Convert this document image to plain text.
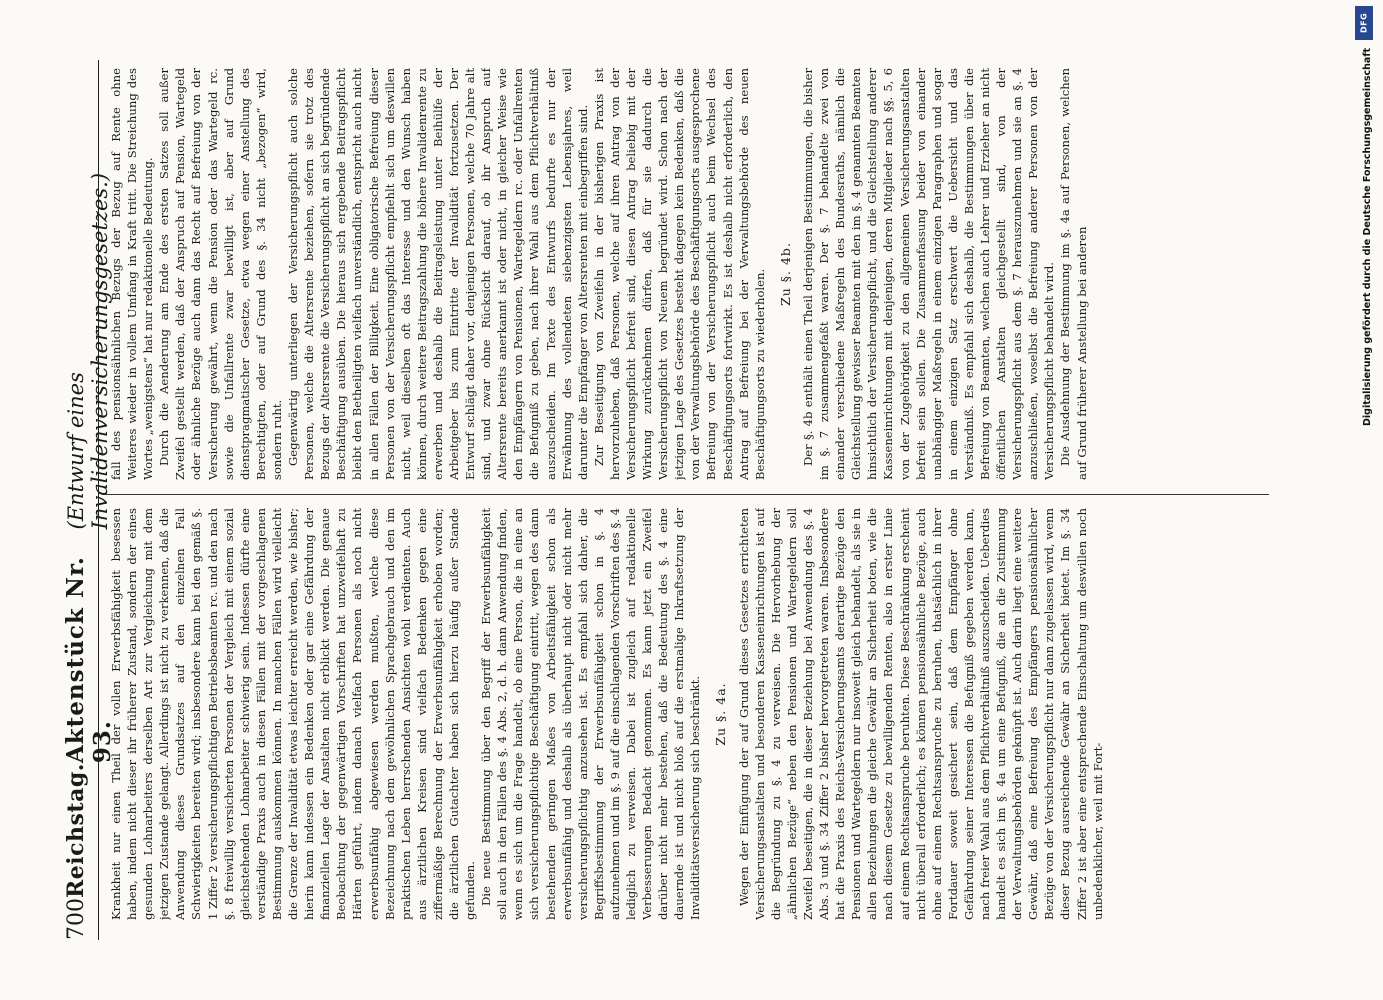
700
Reichstag.
Aktenstück Nr. 93.
(Entwurf eines Invalidenversicherungsgesetzes.)

Krankheit nur einen Theil der vollen Erwerbsfähigkeit besessen haben, indem nicht dieser ihr früherer Zustand, sondern der eines gesunden Lohnarbeiters derselben Art zur Vergleichung mit dem jetzigen Zustande gelangt. Allerdings ist nicht zu verkennen, daß die Anwendung dieses Grundsatzes auf den einzelnen Fall Schwierigkeiten bereiten wird; insbesondere kann bei den gemäß §. 1 Ziffer 2 versicherungspflichtigen Betriebsbeamten rc. und den nach §. 8 freiwillig versicherten Personen der Vergleich mit einem sozial gleichstehenden Lohnarbeiter schwierig sein. Indessen dürfte eine verständige Praxis auch in diesen Fällen mit der vorgeschlagenen Bestimmung auskommen können. In manchen Fällen wird vielleicht die Grenze der Invalidität etwas leichter erreicht werden, wie bisher; hierin kann indessen ein Bedenken oder gar eine Gefährdung der finanziellen Lage der Anstalten nicht erblickt werden. Die genaue Beobachtung der gegenwärtigen Vorschriften hat unzweifelhaft zu Härten geführt, indem danach vielfach Personen als noch nicht erwerbsunfähig abgewiesen werden mußten, welche diese Bezeichnung nach dem gewöhnlichen Sprachgebrauch und den im praktischen Leben herrschenden Ansichten wohl verdienten. Auch aus ärztlichen Kreisen sind vielfach Bedenken gegen eine ziffermäßige Berechnung der Erwerbsunfähigkeit erhoben worden; die ärztlichen Gutachter haben sich hierzu häufig außer Stande gefunden. Die neue Bestimmung über den Begriff der Erwerbsunfähigkeit soll auch in den Fällen des §. 4 Abs. 2, d. h. dann Anwendung finden, wenn es sich um die Frage handelt, ob eine Person, die in eine an sich versicherungspflichtige Beschäftigung eintritt, wegen des dann bestehenden geringen Maßes von Arbeitsfähigkeit schon als erwerbsunfähig und deshalb als überhaupt nicht oder nicht mehr versicherungspflichtig anzusehen ist. Es empfahl sich daher, die Begriffsbestimmung der Erwerbsunfähigkeit schon in §. 4 aufzunehmen und im §. 9 auf die einschlagenden Vorschriften des §. 4 lediglich zu verweisen. Dabei ist zugleich auf redaktionelle Verbesserungen Bedacht genommen. Es kann jetzt ein Zweifel darüber nicht mehr bestehen, daß die Bedeutung des §. 4 eine dauernde ist und nicht bloß auf die erstmalige Inkraftsetzung der Invaliditätsversicherung sich beschränkt. Zu §. 4a. Wegen der Einfügung der auf Grund dieses Gesetzes errichteten Versicherungsanstalten und besonderen Kasseneinrichtungen ist auf die Begründung zu §. 4 zu verweisen. Die Hervorhebung der „ähnlichen Bezüge“ neben den Pensionen und Wartegeldern soll Zweifel beseitigen, die in dieser Beziehung bei Anwendung des §. 4 Abs. 3 und §. 34 Ziffer 2 bisher hervorgetreten waren. Insbesondere hat die Praxis des Reichs-Versicherungsamts derartige Bezüge den Pensionen und Wartegeldern nur insoweit gleich behandelt, als sie in allen Beziehungen die gleiche Gewähr an Sicherheit boten, wie die nach diesem Gesetze zu bewilligenden Renten, also in erster Linie auf einem Rechtsanspruche beruhten. Diese Beschränkung erscheint nicht überall erforderlich; es können pensionsähnliche Bezüge, auch ohne auf einem Rechtsanspruche zu beruhen, thatsächlich in ihrer Fortdauer soweit gesichert sein, daß dem Empfänger ohne Gefährdung seiner Interessen die Befugniß gegeben werden kann, nach freier Wahl aus dem Pflichtverhältniß auszuscheiden. Ueberdies handelt es sich im §. 4a um eine Befugniß, die an die Zustimmung der Verwaltungsbehörden geknüpft ist. Auch darin liegt eine weitere Gewähr, daß eine Befreiung des Empfängers pensionsähnlicher Bezüge von der Versicherungspflicht nur dann zugelassen wird, wenn dieser Bezug ausreichende Gewähr an Sicherheit bietet. Im §. 34 Ziffer 2 ist aber eine entsprechende Einschaltung um deswillen noch unbedenklicher, weil mit Fort-

fall des pensionsähnlichen Bezugs der Bezug auf Rente ohne Weiteres wieder in vollem Umfang in Kraft tritt. Die Streichung des Wortes „wenigstens“ hat nur redaktionelle Bedeutung. Durch die Aenderung am Ende des ersten Satzes soll außer Zweifel gestellt werden, daß der Anspruch auf Pension, Wartegeld oder ähnliche Bezüge auch dann das Recht auf Befreiung von der Versicherung gewährt, wenn die Pension oder das Wartegeld rc. sowie die Unfallrente zwar bewilligt ist, aber auf Grund dienstpragmatischer Gesetze, etwa wegen einer Anstellung des Berechtigten, oder auf Grund des §. 34 nicht „bezogen“ wird, sondern ruht. Gegenwärtig unterliegen der Versicherungspflicht auch solche Personen, welche die Altersrente beziehen, sofern sie trotz des Bezugs der Altersrente die Versicherungspflicht an sich begründende Beschäftigung ausüben. Die hieraus sich ergebende Beitragspflicht bleibt den Betheiligten vielfach unverständlich, entspricht auch nicht in allen Fällen der Billigkeit. Eine obligatorische Befreiung dieser Personen von der Versicherungspflicht empfiehlt sich um deswillen nicht, weil dieselben oft das Interesse und den Wunsch haben können, durch weitere Beitragszahlung die höhere Invalidenrente zu erwerben und deshalb die Beitragsleistung unter Beihülfe der Arbeitgeber bis zum Eintritte der Invalidität fortzusetzen. Der Entwurf schlägt daher vor, denjenigen Personen, welche 70 Jahre alt sind, und zwar ohne Rücksicht darauf, ob ihr Anspruch auf Altersrente bereits anerkannt ist oder nicht, in gleicher Weise wie den Empfängern von Pensionen, Wartegeldern rc. oder Unfallrenten die Befugniß zu geben, nach ihrer Wahl aus dem Pflichtverhältniß auszuscheiden. Im Texte des Entwurfs bedurfte es nur der Erwähnung des vollendeten siebenzigsten Lebensjahres, weil darunter die Empfänger von Altersrenten mit einbegriffen sind. Zur Beseitigung von Zweifeln in der bisherigen Praxis ist hervorzuheben, daß Personen, welche auf ihren Antrag von der Versicherungspflicht befreit sind, diesen Antrag beliebig mit der Wirkung zurücknehmen dürfen, daß für sie dadurch die Versicherungspflicht von Neuem begründet wird. Schon nach der jetzigen Lage des Gesetzes besteht dagegen kein Bedenken, daß die von der Verwaltungsbehörde des Beschäftigungsorts ausgesprochene Befreiung von der Versicherungspflicht auch beim Wechsel des Beschäftigungsorts fortwirkt. Es ist deshalb nicht erforderlich, den Antrag auf Befreiung bei der Verwaltungsbehörde des neuen Beschäftigungsorts zu wiederholen. Zu §. 4b. Der §. 4b enthält einen Theil derjenigen Bestimmungen, die bisher im §. 7 zusammengefaßt waren. Der §. 7 behandelte zwei von einander verschiedene Maßregeln des Bundesraths, nämlich die Gleichstellung gewisser Beamten mit den im §. 4 genannten Beamten hinsichtlich der Versicherungspflicht, und die Gleichstellung anderer Kasseneinrichtungen mit denjenigen, deren Mitglieder nach §§. 5, 6 von der Zugehörigkeit zu den allgemeinen Versicherungsanstalten befreit sein sollen. Die Zusammenfassung beider von einander unabhängiger Maßregeln in einem einzigen Paragraphen und sogar in einem einzigen Satz erschwert die Uebersicht und das Verständniß. Es empfahl sich deshalb, die Bestimmungen über die Befreiung von Beamten, welchen auch Lehrer und Erzieher an nicht öffentlichen Anstalten gleichgestellt sind, von der Versicherungspflicht aus dem §. 7 herauszunehmen und sie an §. 4 anzuschließen, woselbst die Befreiung anderer Personen von der Versicherungspflicht behandelt wird. Die Ausdehnung der Bestimmung im §. 4a auf Personen, welchen auf Grund früherer Anstellung bei anderen

DFG
Digitalisierung gefördert durch die Deutsche Forschungsgemeinschaft
